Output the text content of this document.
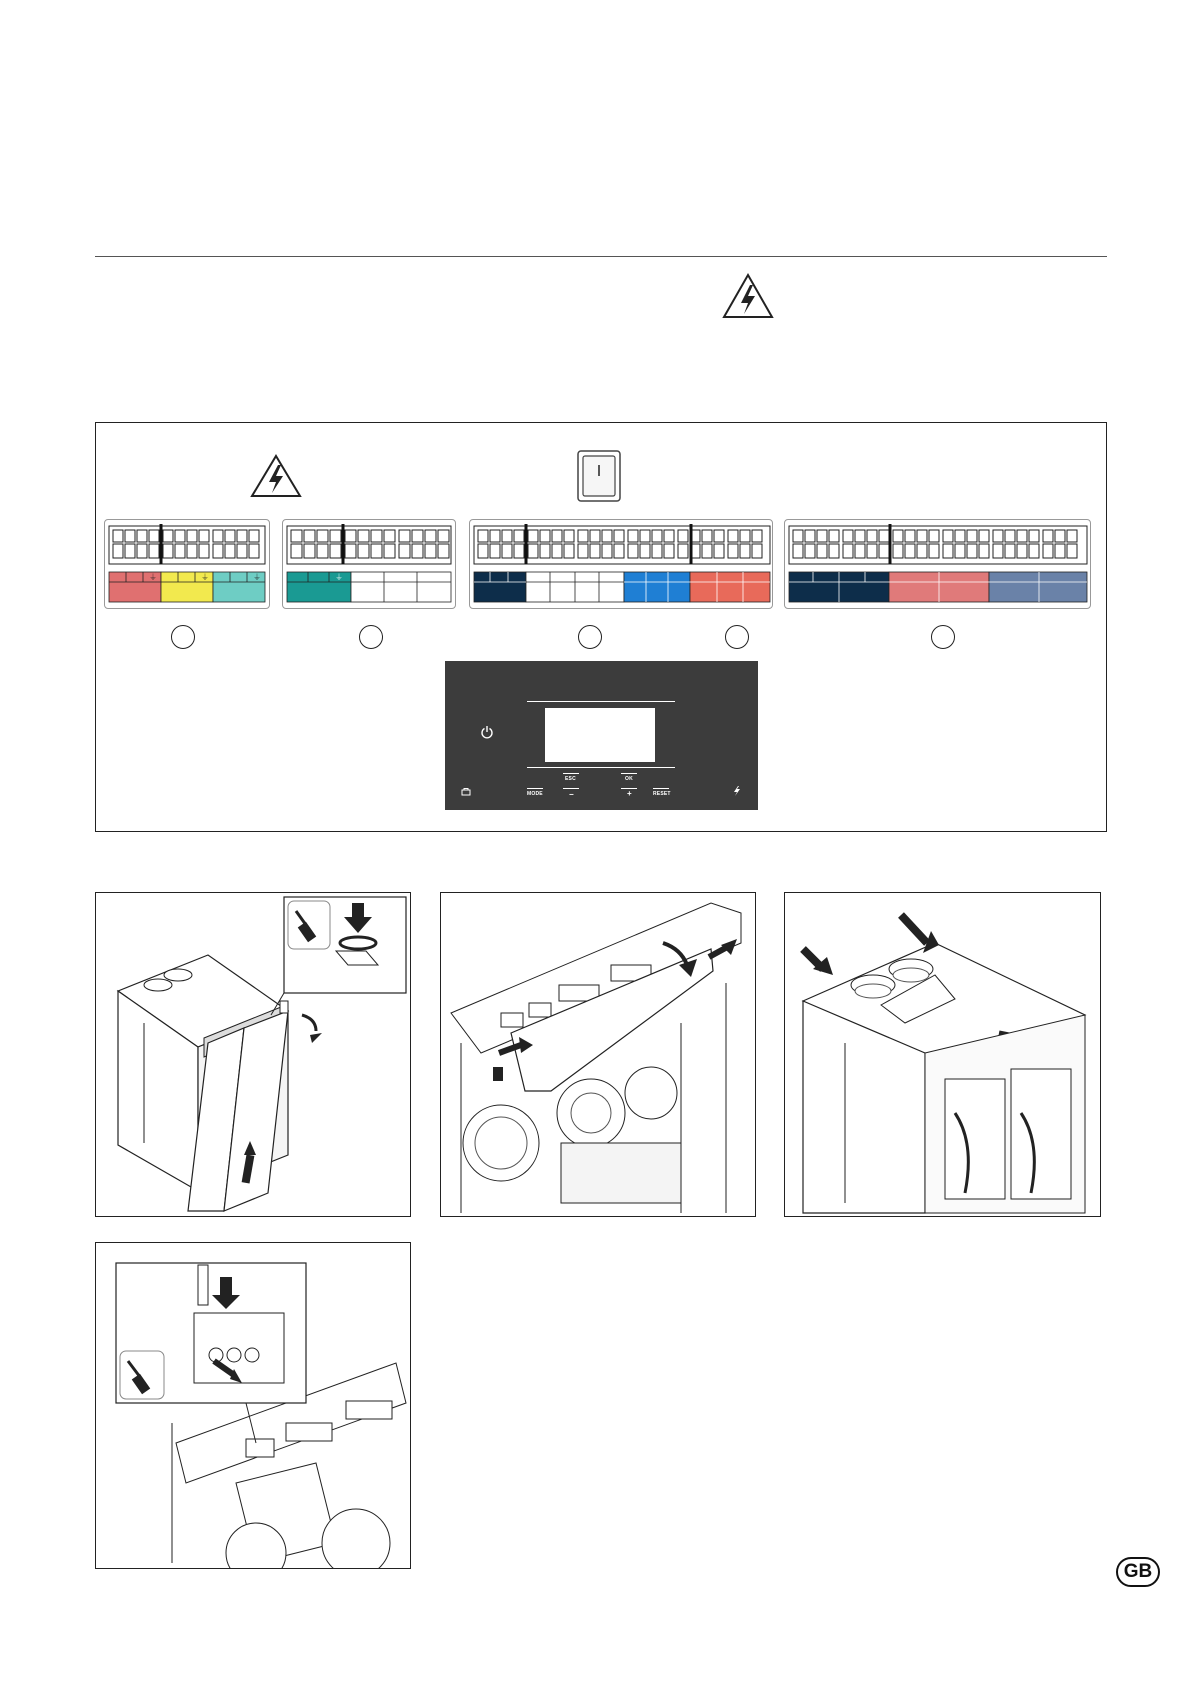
⏚	⏚	⏚	⏚
ESC	OK
MODE	−	+	RESET
GB
